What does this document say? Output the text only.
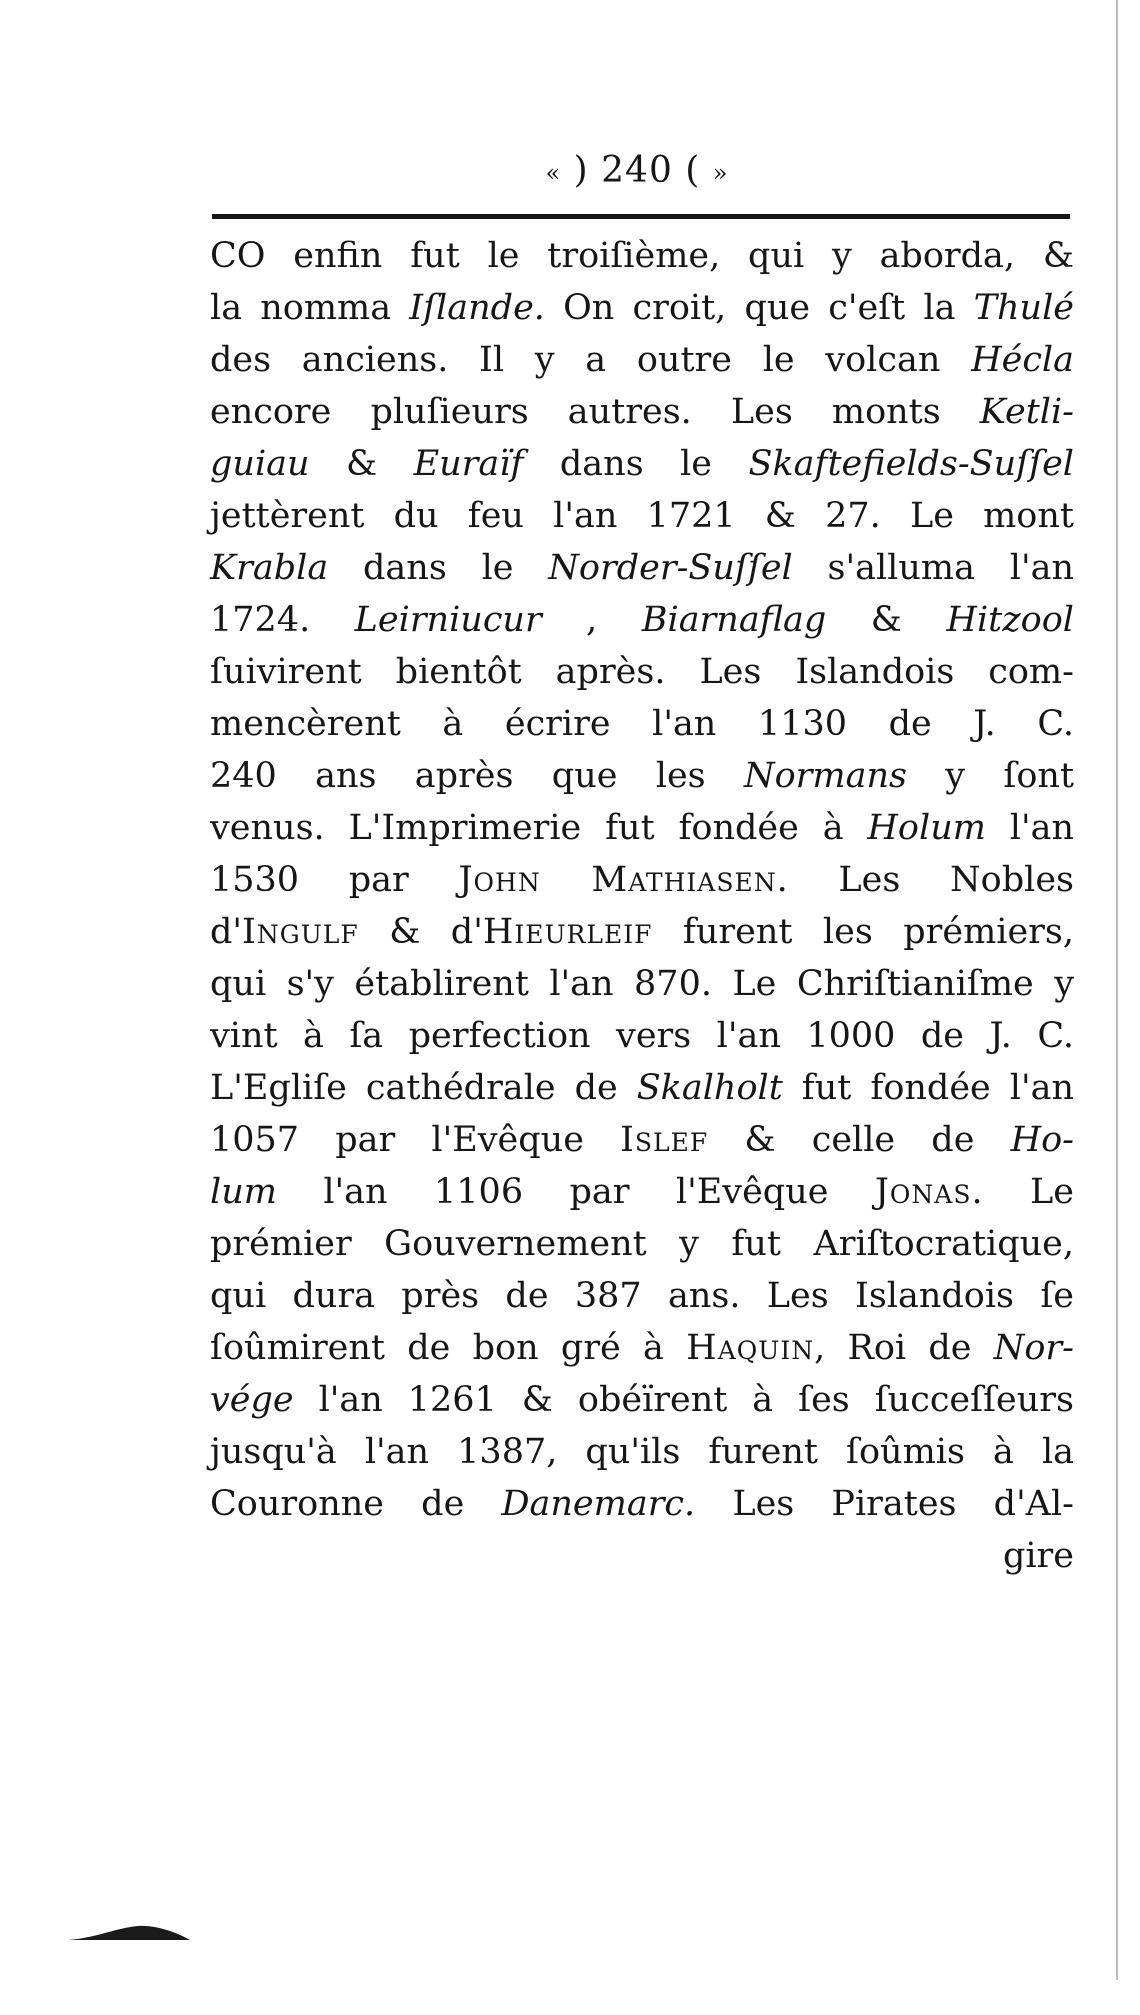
« ) 240 ( »
CO enfin fut le troiſième, qui y aborda, &
la nomma Iſlande. On croit, que c'eſt la Thulé
des anciens. Il y a outre le volcan Hécla
encore pluſieurs autres. Les monts Ketli-
guiau & Euraïf dans le Skaftefields-Suſſel
jettèrent du feu l'an 1721 & 27. Le mont
Krabla dans le Norder-Suſſel s'alluma l'an
1724. Leirniucur , Biarnaflag & Hitzool
ſuivirent bientôt après. Les Islandois com-
mencèrent à écrire l'an 1130 de J. C.
240 ans après que les Normans y ſont
venus. L'Imprimerie fut fondée à Holum l'an
1530 par John Mathiasen. Les Nobles
d'Ingulf & d'Hieurleif furent les prémiers,
qui s'y établirent l'an 870. Le Chriſtianiſme y
vint à ſa perfection vers l'an 1000 de J. C.
L'Egliſe cathédrale de Skalholt fut fondée l'an
1057 par l'Evêque Islef & celle de Ho-
lum l'an 1106 par l'Evêque Jonas. Le
prémier Gouvernement y fut Ariſtocratique,
qui dura près de 387 ans. Les Islandois ſe
ſoûmirent de bon gré à Haquin, Roi de Nor-
vége l'an 1261 & obéïrent à ſes ſucceſſeurs
jusqu'à l'an 1387, qu'ils furent ſoûmis à la
Couronne de Danemarc. Les Pirates d'Al-
gire
